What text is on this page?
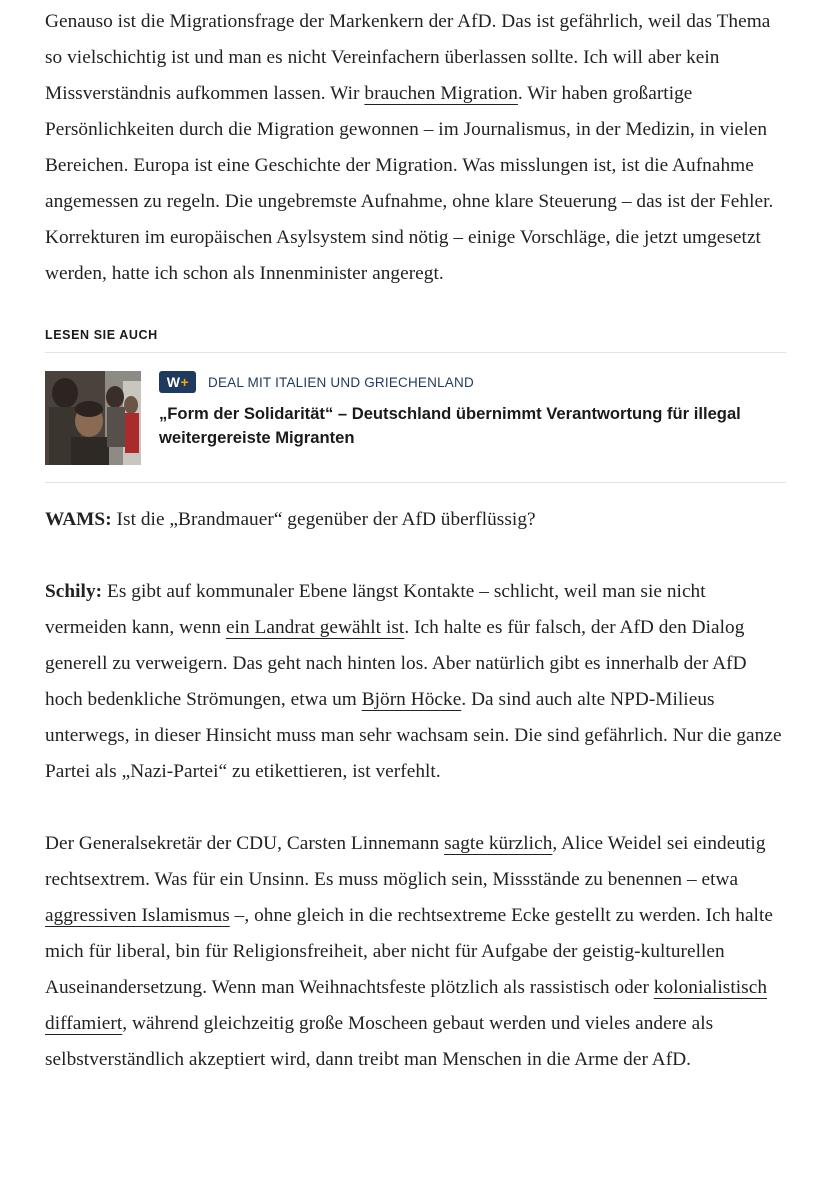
Genauso ist die Migrationsfrage der Markenkern der AfD. Das ist gefährlich, weil das Thema so vielschichtig ist und man es nicht Vereinfachern überlassen sollte. Ich will aber kein Missverständnis aufkommen lassen. Wir brauchen Migration. Wir haben großartige Persönlichkeiten durch die Migration gewonnen – im Journalismus, in der Medizin, in vielen Bereichen. Europa ist eine Geschichte der Migration. Was misslungen ist, ist die Aufnahme angemessen zu regeln. Die ungebremste Aufnahme, ohne klare Steuerung – das ist der Fehler. Korrekturen im europäischen Asylsystem sind nötig – einige Vorschläge, die jetzt umgesetzt werden, hatte ich schon als Innenminister angeregt.

LESEN SIE AUCH
W + DEAL MIT ITALIEN UND GRIECHENLAND
„Form der Solidarität“ – Deutschland übernimmt Verantwortung für illegal weitergereiste Migranten

WAMS: Ist die „Brandmauer“ gegenüber der AfD überflüssig?

Schily: Es gibt auf kommunaler Ebene längst Kontakte – schlicht, weil man sie nicht vermeiden kann, wenn ein Landrat gewählt ist. Ich halte es für falsch, der AfD den Dialog generell zu verweigern. Das geht nach hinten los. Aber natürlich gibt es innerhalb der AfD hoch bedenkliche Strömungen, etwa um Björn Höcke. Da sind auch alte NPD-Milieus unterwegs, in dieser Hinsicht muss man sehr wachsam sein. Die sind gefährlich. Nur die ganze Partei als „Nazi-Partei“ zu etikettieren, ist verfehlt.

Der Generalsekretär der CDU, Carsten Linnemann sagte kürzlich, Alice Weidel sei eindeutig rechtsextrem. Was für ein Unsinn. Es muss möglich sein, Missstände zu benennen – etwa aggressiven Islamismus –, ohne gleich in die rechtsextreme Ecke gestellt zu werden. Ich halte mich für liberal, bin für Religionsfreiheit, aber nicht für Aufgabe der geistig-kulturellen Auseinandersetzung. Wenn man Weihnachtsfeste plötzlich als rassistisch oder kolonialistisch diffamiert, während gleichzeitig große Moscheen gebaut werden und vieles andere als selbstverständlich akzeptiert wird, dann treibt man Menschen in die Arme der AfD.
